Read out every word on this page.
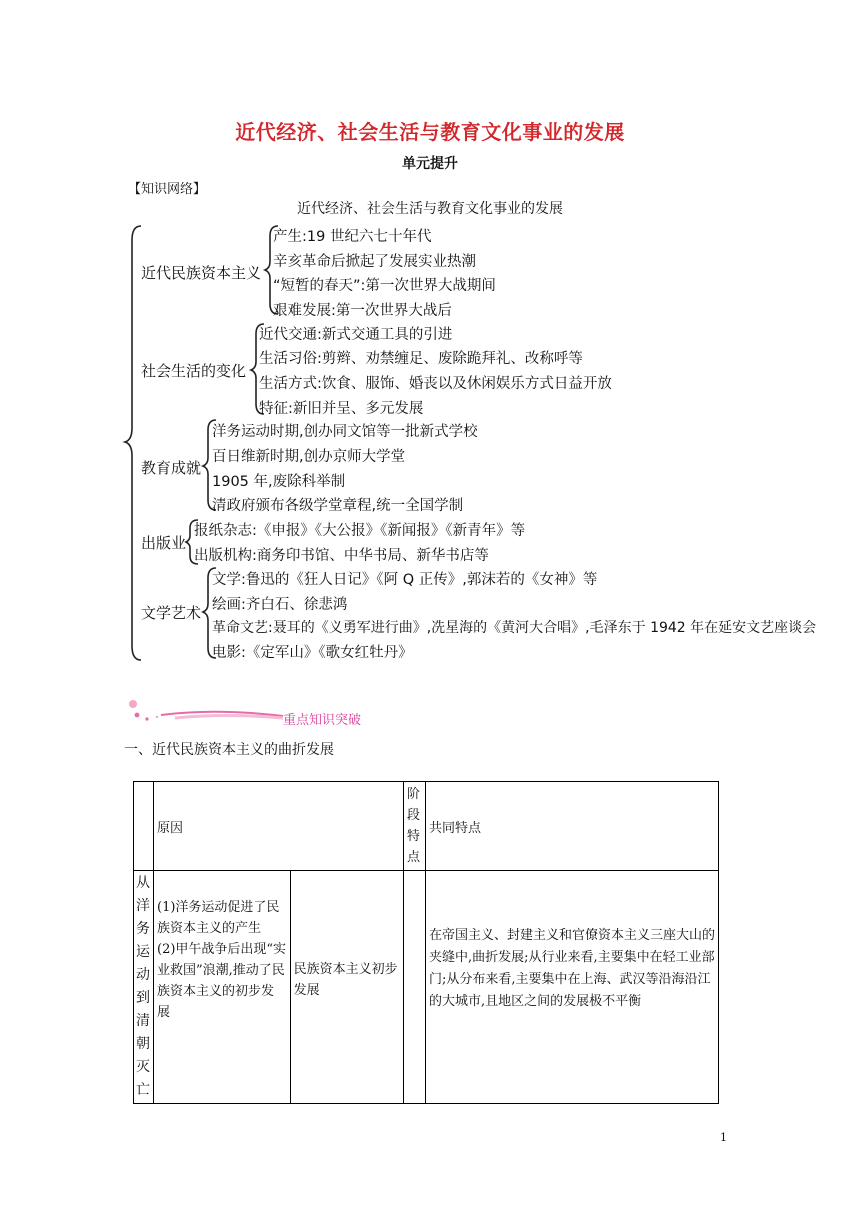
近代经济、社会生活与教育文化事业的发展
单元提升
【知识网络】
近代经济、社会生活与教育文化事业的发展
近代民族资本主义
社会生活的变化
教育成就
出版业
文学艺术
产生:19 世纪六七十年代
辛亥革命后掀起了发展实业热潮
“短暂的春天”:第一次世界大战期间
艰难发展:第一次世界大战后
近代交通:新式交通工具的引进
生活习俗:剪辫、劝禁缠足、废除跪拜礼、改称呼等
生活方式:饮食、服饰、婚丧以及休闲娱乐方式日益开放
特征:新旧并呈、多元发展
洋务运动时期,创办同文馆等一批新式学校
百日维新时期,创办京师大学堂
1905 年,废除科举制
清政府颁布各级学堂章程,统一全国学制
报纸杂志:《申报》《大公报》《新闻报》《新青年》等
出版机构:商务印书馆、中华书局、新华书店等
文学:鲁迅的《狂人日记》《阿 Q 正传》,郭沫若的《女神》等
绘画:齐白石、徐悲鸿
革命文艺:聂耳的《义勇军进行曲》,冼星海的《黄河大合唱》,毛泽东于 1942 年在延安文艺座谈会
电影:《定军山》《歌女红牡丹》
重点知识突破
一、近代民族资本主义的曲折发展
	原因		阶段特点	共同特点
从洋务运动到清朝灭亡	(1)洋务运动促进了民族资本主义的产生
(2)甲午战争后出现“实业救国”浪潮,推动了民族资本主义的初步发展	民族资本主义初步发展		在帝国主义、封建主义和官僚资本主义三座大山的夹缝中,曲折发展;从行业来看,主要集中在轻工业部门;从分布来看,主要集中在上海、武汉等沿海沿江的大城市,且地区之间的发展极不平衡
1
